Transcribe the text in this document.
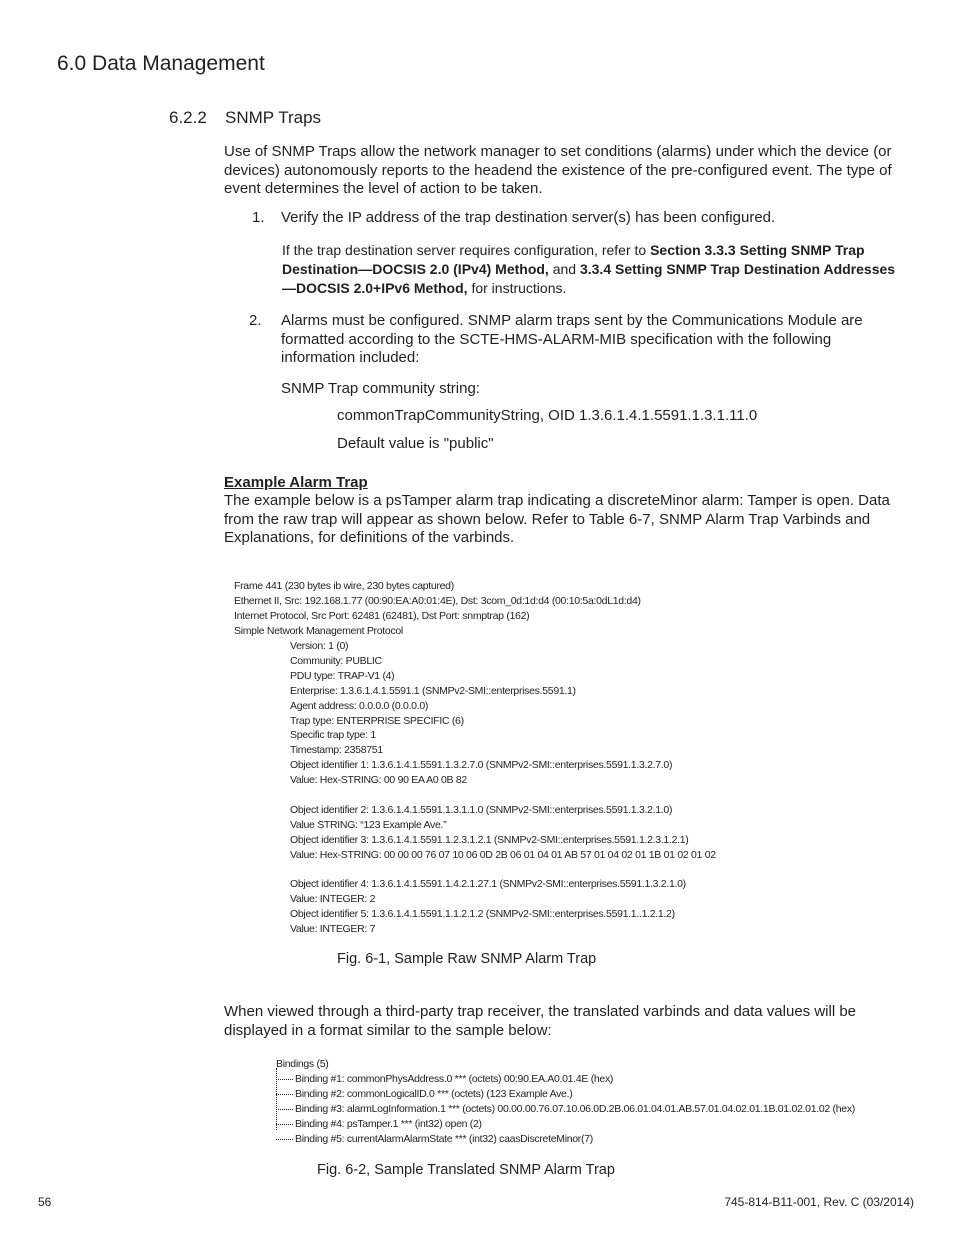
6.0 Data Management
6.2.2 SNMP Traps
Use of SNMP Traps allow the network manager to set conditions (alarms) under which the device (or devices) autonomously reports to the headend the existence of the pre-configured event. The type of event determines the level of action to be taken.
1. Verify the IP address of the trap destination server(s) has been configured.
If the trap destination server requires configuration, refer to Section 3.3.3 Setting SNMP Trap Destination—DOCSIS 2.0 (IPv4) Method, and 3.3.4 Setting SNMP Trap Destination Addresses—DOCSIS 2.0+IPv6 Method, for instructions.
2. Alarms must be configured. SNMP alarm traps sent by the Communications Module are formatted according to the SCTE-HMS-ALARM-MIB specification with the following information included:
SNMP Trap community string:
commonTrapCommunityString, OID 1.3.6.1.4.1.5591.1.3.1.11.0
Default value is "public"
Example Alarm Trap
The example below is a psTamper alarm trap indicating a discreteMinor alarm: Tamper is open. Data from the raw trap will appear as shown below. Refer to Table 6-7, SNMP Alarm Trap Varbinds and Explanations, for definitions of the varbinds.
Frame 441 (230 bytes ib wire, 230 bytes captured)
Ethernet II, Src: 192.168.1.77 (00:90:EA:A0:01:4E), Dst: 3com_0d:1d:d4 (00:10:5a:0dL1d:d4)
Internet Protocol, Src Port: 62481 (62481), Dst Port: snmptrap (162)
Simple Network Management Protocol
Version: 1 (0)
Community: PUBLIC
PDU type: TRAP-V1 (4)
Enterprise: 1.3.6.1.4.1.5591.1 (SNMPv2-SMI::enterprises.5591.1)
Agent address: 0.0.0.0 (0.0.0.0)
Trap type: ENTERPRISE SPECIFIC (6)
Specific trap type: 1
Timestamp: 2358751
Object identifier 1: 1.3.6.1.4.1.5591.1.3.2.7.0 (SNMPv2-SMI::enterprises.5591.1.3.2.7.0)
Value: Hex-STRING: 00 90 EA A0 0B 82
Object identifier 2: 1.3.6.1.4.1.5591.1.3.1.1.0 (SNMPv2-SMI::enterprises.5591.1.3.2.1.0)
Value STRING: “123 Example Ave.”
Object identifier 3: 1.3.6.1.4.1.5591.1.2.3.1.2.1 (SNMPv2-SMI::enterprises.5591.1.2.3.1.2.1)
Value: Hex-STRING: 00 00 00 76 07 10 06 0D 2B 06 01 04 01 AB 57 01 04 02 01 1B 01 02 01 02
Object identifier 4: 1.3.6.1.4.1.5591.1.4.2.1.27.1 (SNMPv2-SMI::enterprises.5591.1.3.2.1.0)
Value: INTEGER: 2
Object identifier 5: 1.3.6.1.4.1.5591.1.1.2.1.2 (SNMPv2-SMI::enterprises.5591.1..1.2.1.2)
Value: INTEGER: 7
Fig. 6-1, Sample Raw SNMP Alarm Trap
When viewed through a third-party trap receiver, the translated varbinds and data values will be displayed in a format similar to the sample below:
Bindings (5)
Binding #1: commonPhysAddress.0 *** (octets) 00:90.EA.A0.01.4E (hex)
Binding #2: commonLogicalID.0 *** (octets) (123 Example Ave.)
Binding #3: alarmLogInformation.1 *** (octets) 00.00.00.76.07.10.06.0D.2B.06.01.04.01.AB.57.01.04.02.01.1B.01.02.01.02 (hex)
Binding #4: psTamper.1 *** (int32) open (2)
Binding #5: currentAlarmAlarmState *** (int32) caasDiscreteMinor(7)
Fig. 6-2, Sample Translated SNMP Alarm Trap
56	745-814-B11-001, Rev. C (03/2014)
